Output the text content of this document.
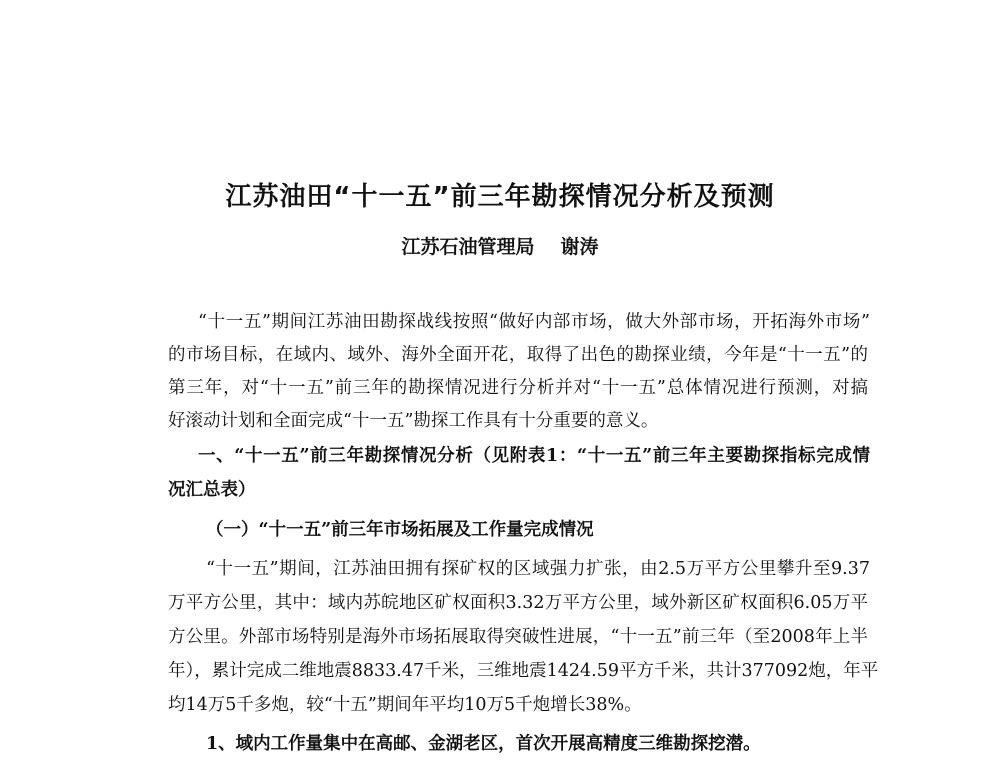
江苏油田“十一五”前三年勘探情况分析及预测
江苏石油管理局 谢涛
“十一五”期间江苏油田勘探战线按照“做好内部市场，做大外部市场，开拓海外市场”
的市场目标，在域内、域外、海外全面开花，取得了出色的勘探业绩，今年是“十一五”的
第三年，对“十一五”前三年的勘探情况进行分析并对“十一五”总体情况进行预测，对搞
好滚动计划和全面完成“十一五”勘探工作具有十分重要的意义。
一、“十一五”前三年勘探情况分析（见附表1：“十一五”前三年主要勘探指标完成情
况汇总表）
（一）“十一五”前三年市场拓展及工作量完成情况
“十一五”期间，江苏油田拥有探矿权的区域强力扩张，由2.5万平方公里攀升至9.37
万平方公里，其中：域内苏皖地区矿权面积3.32万平方公里，域外新区矿权面积6.05万平
方公里。外部市场特别是海外市场拓展取得突破性进展，“十一五”前三年（至2008年上半
年），累计完成二维地震8833.47千米，三维地震1424.59平方千米，共计377092炮，年平
均14万5千多炮，较“十五”期间年平均10万5千炮增长38%。
1、域内工作量集中在高邮、金湖老区，首次开展高精度三维勘探挖潜。
